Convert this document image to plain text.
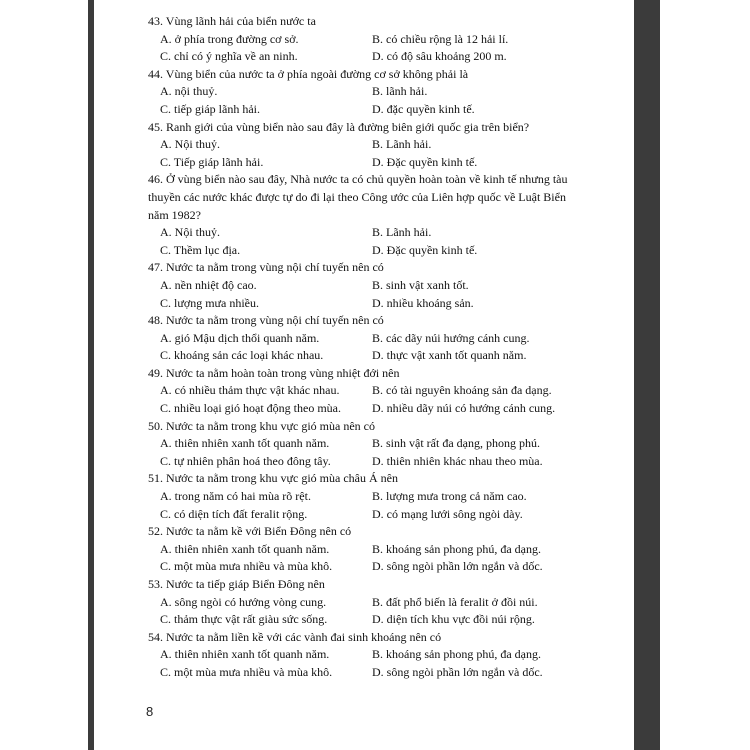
43. Vùng lãnh hải của biển nước ta
A. ở phía trong đường cơ sở.	B. có chiều rộng là 12 hải lí.
C. chỉ có ý nghĩa về an ninh.	D. có độ sâu khoảng 200 m.
44. Vùng biển của nước ta ở phía ngoài đường cơ sở không phải là
A. nội thuỷ.	B. lãnh hải.
C. tiếp giáp lãnh hải.	D. đặc quyền kinh tế.
45. Ranh giới của vùng biển nào sau đây là đường biên giới quốc gia trên biển?
A. Nội thuỷ.	B. Lãnh hải.
C. Tiếp giáp lãnh hải.	D. Đặc quyền kinh tế.
46. Ở vùng biển nào sau đây, Nhà nước ta có chủ quyền hoàn toàn về kinh tế nhưng tàu thuyền các nước khác được tự do đi lại theo Công ước của Liên hợp quốc về Luật Biển năm 1982?
A. Nội thuỷ.	B. Lãnh hải.
C. Thềm lục địa.	D. Đặc quyền kinh tế.
47. Nước ta nằm trong vùng nội chí tuyến nên có
A. nền nhiệt độ cao.	B. sinh vật xanh tốt.
C. lượng mưa nhiều.	D. nhiều khoáng sản.
48. Nước ta nằm trong vùng nội chí tuyến nên có
A. gió Mậu dịch thổi quanh năm.	B. các dãy núi hướng cánh cung.
C. khoáng sản các loại khác nhau.	D. thực vật xanh tốt quanh năm.
49. Nước ta nằm hoàn toàn trong vùng nhiệt đới nên
A. có nhiều thảm thực vật khác nhau.	B. có tài nguyên khoáng sản đa dạng.
C. nhiều loại gió hoạt động theo mùa.	D. nhiều dãy núi có hướng cánh cung.
50. Nước ta nằm trong khu vực gió mùa nên có
A. thiên nhiên xanh tốt quanh năm.	B. sinh vật rất đa dạng, phong phú.
C. tự nhiên phân hoá theo đông tây.	D. thiên nhiên khác nhau theo mùa.
51. Nước ta nằm trong khu vực gió mùa châu Á nên
A. trong năm có hai mùa rõ rệt.	B. lượng mưa trong cả năm cao.
C. có diện tích đất feralit rộng.	D. có mạng lưới sông ngòi dày.
52. Nước ta nằm kề với Biển Đông nên có
A. thiên nhiên xanh tốt quanh năm.	B. khoáng sản phong phú, đa dạng.
C. một mùa mưa nhiều và mùa khô.	D. sông ngòi phần lớn ngắn và dốc.
53. Nước ta tiếp giáp Biển Đông nên
A. sông ngòi có hướng vòng cung.	B. đất phổ biến là feralit ở đồi núi.
C. thảm thực vật rất giàu sức sống.	D. diện tích khu vực đồi núi rộng.
54. Nước ta nằm liền kề với các vành đai sinh khoáng nên có
A. thiên nhiên xanh tốt quanh năm.	B. khoáng sản phong phú, đa dạng.
C. một mùa mưa nhiều và mùa khô.	D. sông ngòi phần lớn ngắn và dốc.
8
